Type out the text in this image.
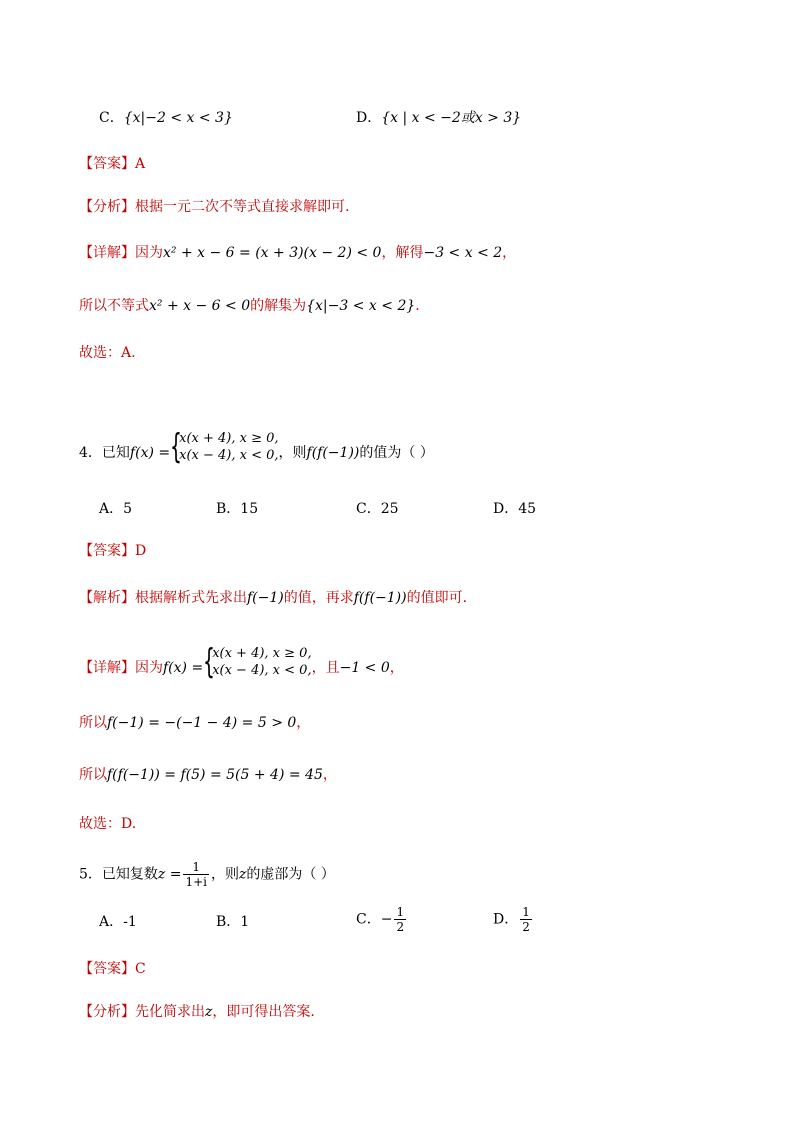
C．{x|−2 < x < 3}	D．{x | x < −2或x > 3}
【答案】A
【分析】根据一元二次不等式直接求解即可.
【详解】因为x² + x − 6 = (x + 3)(x − 2) < 0，解得−3 < x < 2，
所以不等式x² + x − 6 < 0的解集为{x|−3 < x < 2}.
故选：A.
4．已知f(x) = {
x(x + 4), x ≥ 0,
x(x − 4), x < 0, ，则f(f(−1))的值为（ ）
A．5	B．15	C．25	D．45
【答案】D
【解析】根据解析式先求出f(−1)的值，再求f(f(−1))的值即可.
【详解】因为f(x) = {
x(x + 4), x ≥ 0,
x(x − 4), x < 0, ，且−1 < 0，
所以f(−1) = −(−1 − 4) = 5 > 0，
所以f(f(−1)) = f(5) = 5(5 + 4) = 45，
故选：D.
5．已知复数$z = \frac{1}{1+i}$ ，则z的虚部为（ ）
A．-1	B．1	C．− $\frac{1}{2}$	D． $\frac{1}{2}$
【答案】C
【分析】先化简求出z，即可得出答案.
